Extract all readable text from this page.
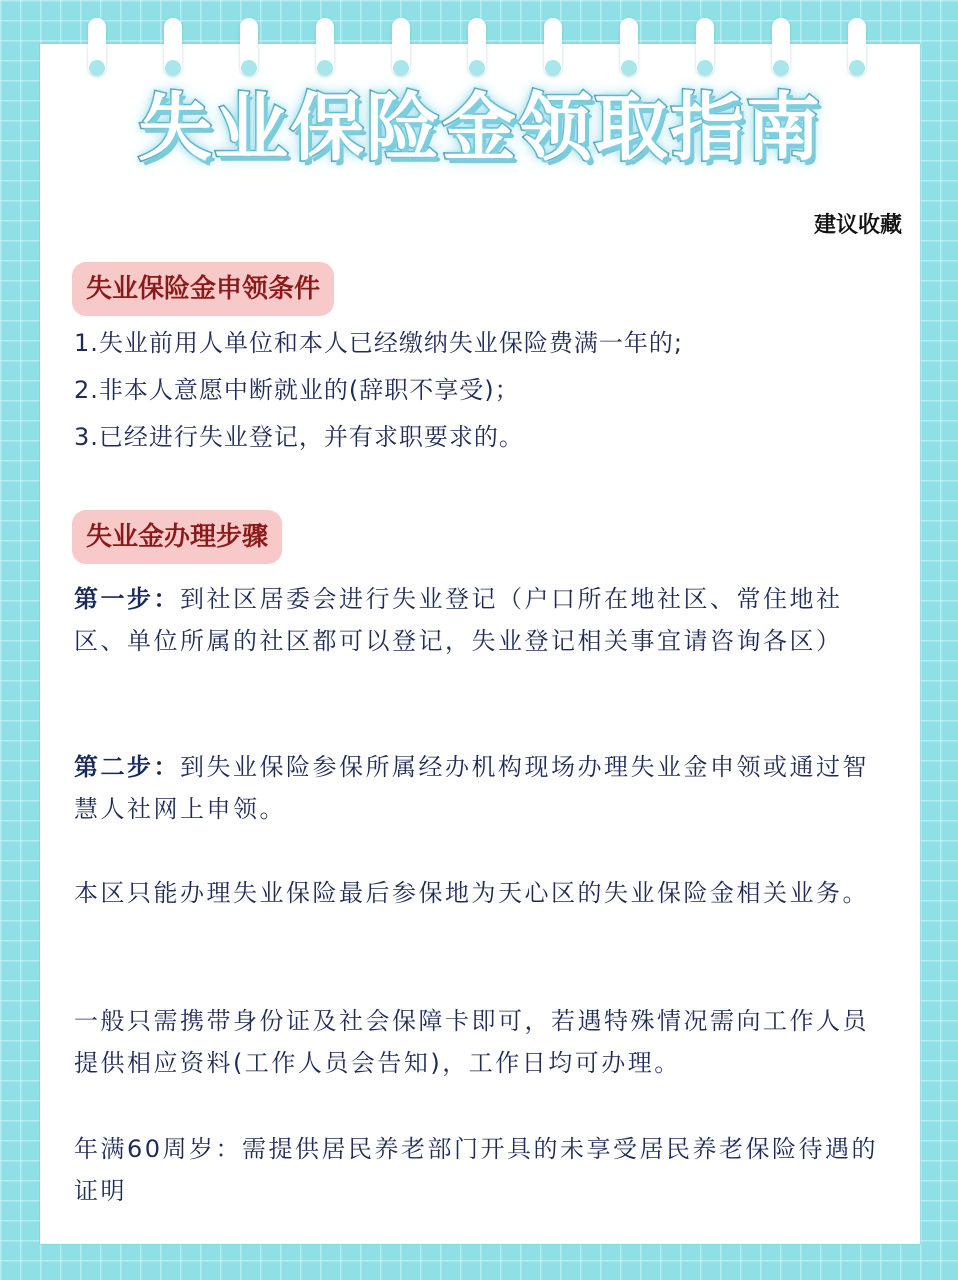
失业保险金领取指南
建议收藏
失业保险金申领条件
1.失业前用人单位和本人已经缴纳失业保险费满一年的;
2.非本人意愿中断就业的(辞职不享受)；
3.已经进行失业登记，并有求职要求的。
失业金办理步骤
第一步：到社区居委会进行失业登记（户口所在地社区、常住地社区、单位所属的社区都可以登记，失业登记相关事宜请咨询各区）
第二步：到失业保险参保所属经办机构现场办理失业金申领或通过智慧人社网上申领。
本区只能办理失业保险最后参保地为天心区的失业保险金相关业务。
一般只需携带身份证及社会保障卡即可，若遇特殊情况需向工作人员提供相应资料(工作人员会告知)，工作日均可办理。
年满60周岁：需提供居民养老部门开具的未享受居民养老保险待遇的证明
